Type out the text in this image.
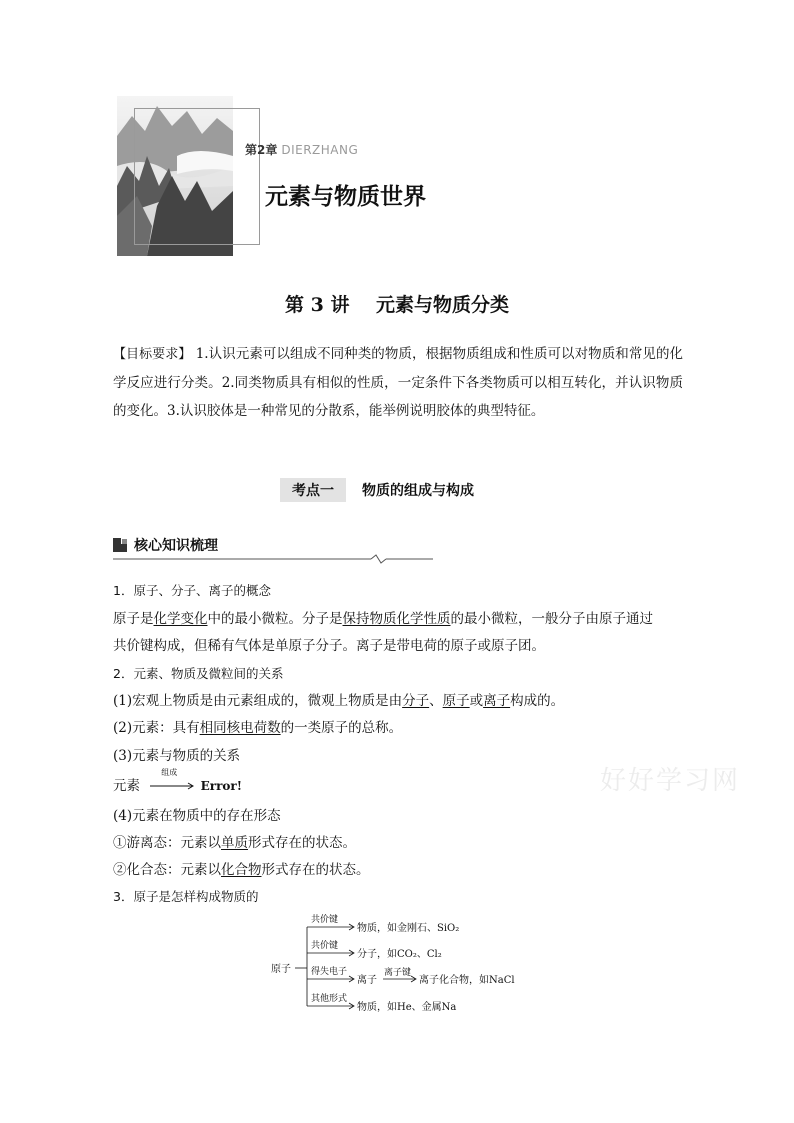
第2章 DIERZHANG
元素与物质世界
第 3 讲    元素与物质分类
【目标要求】 1.认识元素可以组成不同种类的物质，根据物质组成和性质可以对物质和常见的化学反应进行分类。2.同类物质具有相似的性质，一定条件下各类物质可以相互转化，并认识物质的变化。3.认识胶体是一种常见的分散系，能举例说明胶体的典型特征。
考点一	物质的组成与构成
核心知识梳理
1．原子、分子、离子的概念
原子是化学变化中的最小微粒。分子是保持物质化学性质的最小微粒，一般分子由原子通过
共价键构成，但稀有气体是单原子分子。离子是带电荷的原子或原子团。
2．元素、物质及微粒间的关系
(1)宏观上物质是由元素组成的，微观上物质是由分子、原子或离子构成的。
(2)元素：具有相同核电荷数的一类原子的总称。
(3)元素与物质的关系
元素
组成
Error!
(4)元素在物质中的存在形态
①游离态：元素以单质形式存在的状态。
②化合态：元素以化合物形式存在的状态。
3．原子是怎样构成物质的
好好学习网
原子
共价键
物质，如金刚石、SiO₂
共价键
分子，如CO₂、Cl₂
得失电子
离子
离子键
离子化合物，如NaCl
其他形式
物质，如He、金属Na
